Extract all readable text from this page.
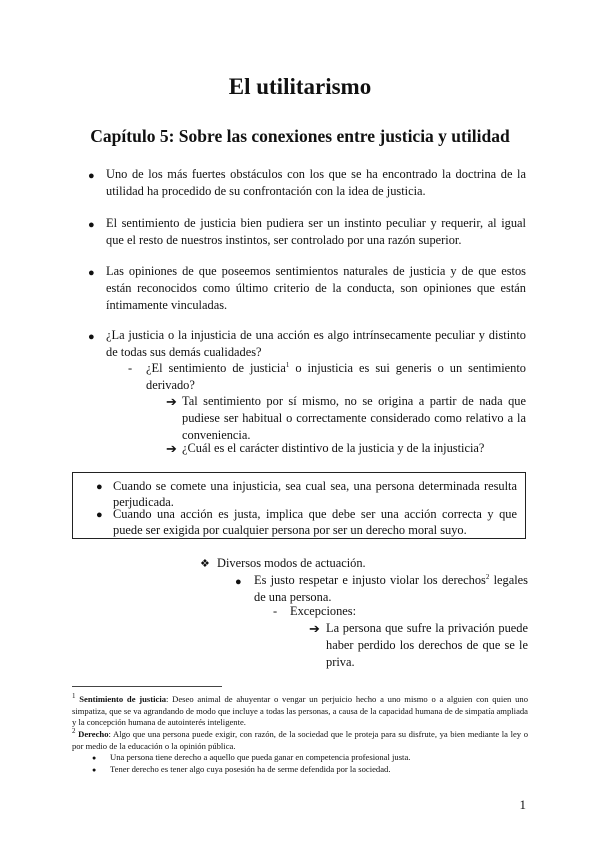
El utilitarismo
Capítulo 5: Sobre las conexiones entre justicia y utilidad
● Uno de los más fuertes obstáculos con los que se ha encontrado la doctrina de la utilidad ha procedido de su confrontación con la idea de justicia.

● El sentimiento de justicia bien pudiera ser un instinto peculiar y requerir, al igual que el resto de nuestros instintos, ser controlado por una razón superior.

● Las opiniones de que poseemos sentimientos naturales de justicia y de que estos están reconocidos como último criterio de la conducta, son opiniones que están íntimamente vinculadas.

● ¿La justicia o la injusticia de una acción es algo intrínsecamente peculiar y distinto de todas sus demás cualidades?

- ¿El sentimiento de justicia$^1$ o injusticia es sui generis o un sentimiento derivado?

➔ Tal sentimiento por sí mismo, no se origina a partir de nada que pudiese ser habitual o correctamente considerado como relativo a la conveniencia.

➔ ¿Cuál es el carácter distintivo de la justicia y de la injusticia?

● Cuando se comete una injusticia, sea cual sea, una persona determinada resulta perjudicada.

● Cuando una acción es justa, implica que debe ser una acción correcta y que puede ser exigida por cualquier persona por ser un derecho moral suyo.

❖ Diversos modos de actuación.

● Es justo respetar e injusto violar los derechos$^2$ legales de una persona.

- Excepciones:

➔ La persona que sufre la privación puede haber perdido los derechos de que se le priva.

$^1$ Sentimiento de justicia: Deseo animal de ahuyentar o vengar un perjuicio hecho a uno mismo o a alguien con quien uno simpatiza, que se va agrandando de modo que incluye a todas las personas, a causa de la capacidad humana de de simpatía ampliada y la concepción humana de autointerés inteligente.

$^2$ Derecho: Algo que una persona puede exigir, con razón, de la sociedad que le proteja para su disfrute, ya bien mediante la ley o por medio de la educación o la opinión pública.

● Una persona tiene derecho a aquello que pueda ganar en competencia profesional justa.

● Tener derecho es tener algo cuya posesión ha de serme defendida por la sociedad.

1
